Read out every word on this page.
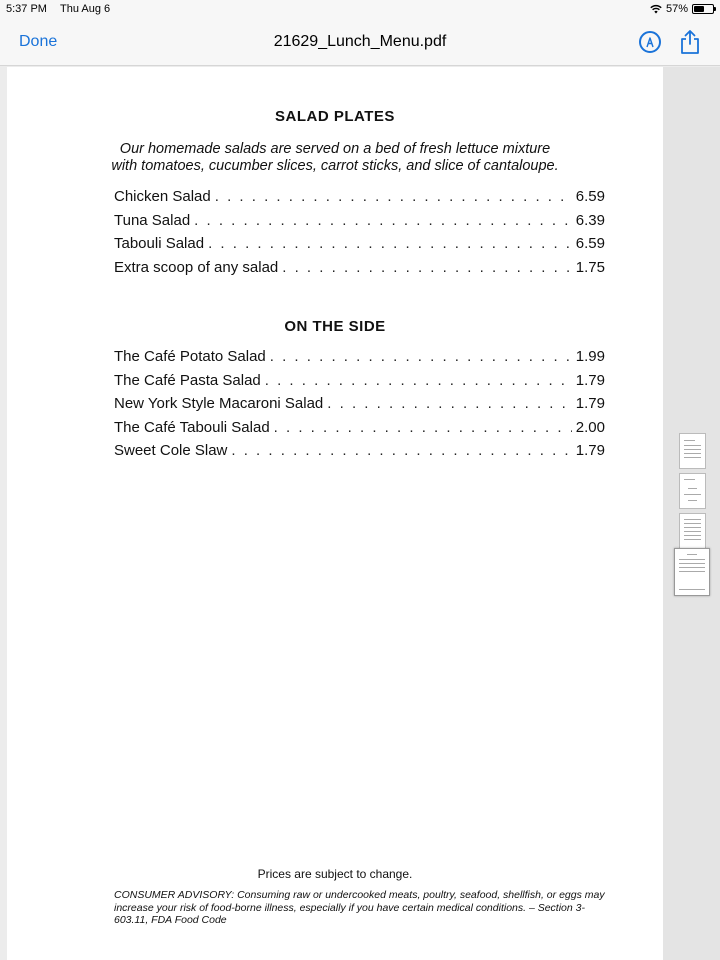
5:37 PM Thu Aug 6	57%
Done	21629_Lunch_Menu.pdf
SALAD PLATES
Our homemade salads are served on a bed of fresh lettuce mixture
with tomatoes, cucumber slices, carrot sticks, and slice of cantaloupe.
Chicken Salad . . .	6.59
Tuna Salad . . .	6.39
Tabouli Salad . . .	6.59
Extra scoop of any salad . . .	1.75
ON THE SIDE
The Café Potato Salad . . .	1.99
The Café Pasta Salad . . .	1.79
New York Style Macaroni Salad . . .	1.79
The Café Tabouli Salad . . .	2.00
Sweet Cole Slaw . . .	1.79
Prices are subject to change.
CONSUMER ADVISORY: Consuming raw or undercooked meats, poultry, seafood, shellfish, or eggs may increase your risk of food-borne illness, especially if you have certain medical conditions. – Section 3-603.11, FDA Food Code
